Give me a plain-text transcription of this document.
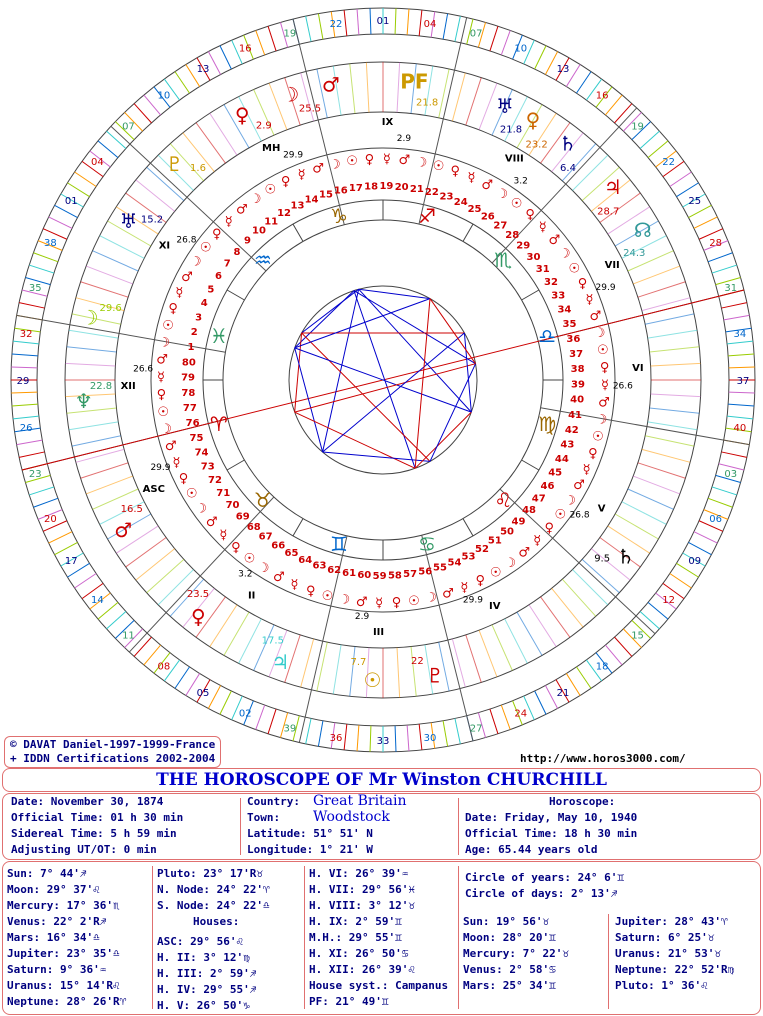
ASC
29.9
II
3.2
III
2.9
IV
29.9
V
26.8
VI
26.6
VII
29.9
VIII
3.2
IX
2.9
MH
29.9
XI
26.8
XII
26.6
♈
♉
♊	♋
♌
♍
♎
♏
♐
♑
♒
♓
1
2
3
4
5
6
7
8
9
10
11
12
13
14 15 16 17 18 19 20 21 22 23
24
25
26
27
28
29
30
31
32
33
34
35
36
37
38
39
40
41
42
43
44
45
46
47
48
49
50
51
52
53
54
55
56
57
58
59
60
61
62
63
64
65
66
67
68
69
70
71
72
73
74
75
76
77
78
79
80
☽
☉
♀
☿
♂
☽
☉
♀
☿
♂
☽
☉
♀ ☿ ♂ ☽ ☉ ♀ ☿ ♂ ☽ ☉ ♀ ☿
♂
☽
☉
♀
☿
♂
☽
☉
♀
☿
♂
☽
☉
♀
☿
♂
☽
☉
♀
☿
♂
☽
☉
♀
☿
♂
☽
☉
♀
☿
♂
☽
☉
♀
☿
♂
☽
☉
♀
☿
♂
☽
☉
♀
☿
♂
☽
☉
♀
☿
♂
☽
☉
♀
☿
♂
♀ 2.9
☽
25.5
♂	PF
21.8	♅
21.8 ♀
23.2 ♄
6.4
♃
28.7
☊
24.3
♄
9.5
♇
22
☉
7.7
♃
17.5
♀
23.5
♂
16.5
♆
22.8
☽ 29.6
♅ 15.2
♇ 1.6
01	04
07
10
13
16
19
22
25
28
31
34
37
40
03
06
09
12
15
18
21
24
27
30
33
36
39
02
05
08
11
14
17
20
23
26
29
32
35
38
01
04
07
10
13
16
19
22
© DAVAT Daniel-1997-1999-France
+ IDDN Certifications 2002-2004	http://www.horos3000.com/
THE HOROSCOPE OF Mr Winston CHURCHILL
Date: November 30, 1874
Official Time: 01 h 30 min
Sidereal Time: 5 h 59 min
Adjusting UT/OT: 0 min
Country: Great Britain
Town: Woodstock
Latitude: 51° 51' N
Longitude: 1° 21' W
Horoscope:
Date: Friday, May 10, 1940
Official Time: 18 h 30 min
Age: 65.44 years old
Sun: 7° 44'♐
Moon: 29° 37'♌
Mercury: 17° 36'♏
Venus: 22° 2'R♐
Mars: 16° 34'♎
Jupiter: 23° 35'♎
Saturn: 9° 36'♒
Uranus: 15° 14'R♌
Neptune: 28° 26'R♈
Pluto: 23° 17'R♉
N. Node: 24° 22'♈
S. Node: 24° 22'♎
Houses:
ASC: 29° 56'♌
H. II: 3° 12'♍
H. III: 2° 59'♐
H. IV: 29° 55'♐
H. V: 26° 50'♑
H. VI: 26° 39'♒
H. VII: 29° 56'♓
H. VIII: 3° 12'♉
H. IX: 2° 59'♊
M.H.: 29° 55'♊
H. XI: 26° 50'♋
H. XII: 26° 39'♌
House syst.: Campanus
PF: 21° 49'♊
Circle of years: 24° 6'♊
Circle of days: 2° 13'♐
Sun: 19° 56'♉
Moon: 28° 20'♊
Mercury: 7° 22'♉
Venus: 2° 58'♋
Mars: 25° 34'♊
Jupiter: 28° 43'♈
Saturn: 6° 25'♉
Uranus: 21° 53'♉
Neptune: 22° 52'R♍
Pluto: 1° 36'♌
